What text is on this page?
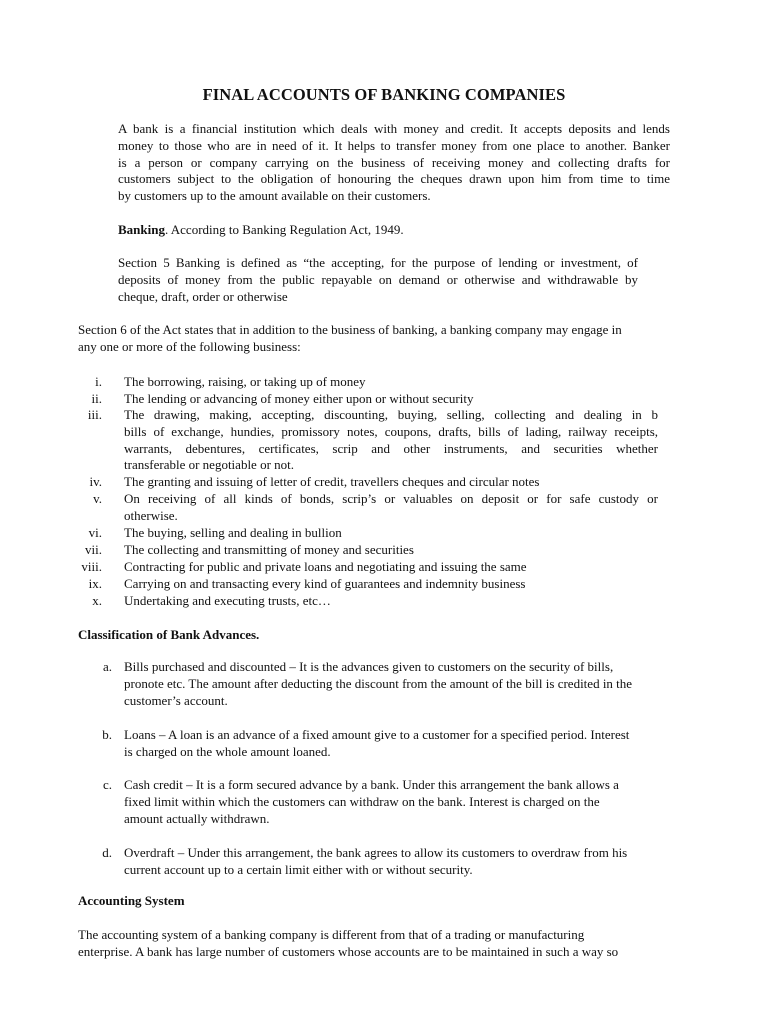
FINAL ACCOUNTS OF BANKING COMPANIES
A bank is a financial institution which deals with money and credit. It accepts deposits and lends
money to those who are in need of it. It helps to transfer money from one place to another. Banker
is a person or company carrying on the business of receiving money and collecting drafts for
customers subject to the obligation of honouring the cheques drawn upon him from time to time
by customers up to the amount available on their customers.
Banking. According to Banking Regulation Act, 1949.
Section 5 Banking is defined as “the accepting, for the purpose of lending or investment, of
deposits of money from the public repayable on demand or otherwise and withdrawable by
cheque, draft, order or otherwise
Section 6 of the Act states that in addition to the business of banking, a banking company may engage in
any one or more of the following business:
i. The borrowing, raising, or taking up of money
ii. The lending or advancing of money either upon or without security
iii. The drawing, making, accepting, discounting, buying, selling, collecting and dealing in b
bills of exchange, hundies, promissory notes, coupons, drafts, bills of lading, railway receipts,
warrants, debentures, certificates, scrip and other instruments, and securities whether
transferable or negotiable or not.
iv. The granting and issuing of letter of credit, travellers cheques and circular notes
v. On receiving of all kinds of bonds, scrip’s or valuables on deposit or for safe custody or
otherwise.
vi. The buying, selling and dealing in bullion
vii. The collecting and transmitting of money and securities
viii. Contracting for public and private loans and negotiating and issuing the same
ix. Carrying on and transacting every kind of guarantees and indemnity business
x. Undertaking and executing trusts, etc…
Classification of Bank Advances.
a. Bills purchased and discounted – It is the advances given to customers on the security of bills,
pronote etc. The amount after deducting the discount from the amount of the bill is credited in the
customer’s account.
b. Loans – A loan is an advance of a fixed amount give to a customer for a specified period. Interest
is charged on the whole amount loaned.
c. Cash credit – It is a form secured advance by a bank. Under this arrangement the bank allows a
fixed limit within which the customers can withdraw on the bank. Interest is charged on the
amount actually withdrawn.
d. Overdraft – Under this arrangement, the bank agrees to allow its customers to overdraw from his
current account up to a certain limit either with or without security.
Accounting System
The accounting system of a banking company is different from that of a trading or manufacturing
enterprise. A bank has large number of customers whose accounts are to be maintained in such a way so
